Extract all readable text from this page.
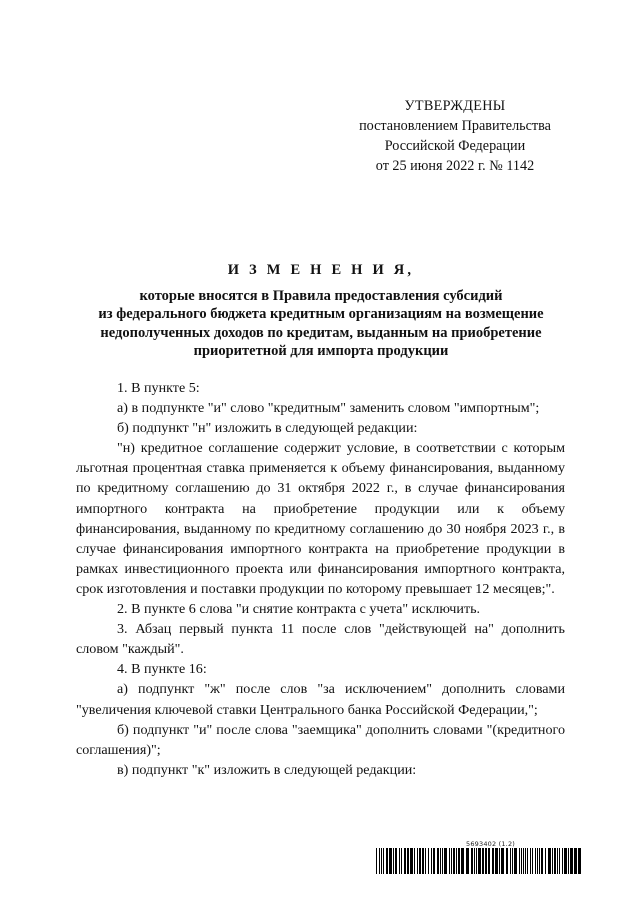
УТВЕРЖДЕНЫ
постановлением Правительства
Российской Федерации
от 25 июня 2022 г. № 1142
И З М Е Н Е Н И Я,
которые вносятся в Правила предоставления субсидий
из федерального бюджета кредитным организациям на возмещение
недополученных доходов по кредитам, выданным на приобретение
приоритетной для импорта продукции

1. В пункте 5:

а) в подпункте "и" слово "кредитным" заменить словом "импортным";

б) подпункт "н" изложить в следующей редакции:

"н) кредитное соглашение содержит условие, в соответствии с которым льготная процентная ставка применяется к объему финансирования, выданному по кредитному соглашению до 31 октября 2022 г., в случае финансирования импортного контракта на приобретение продукции или к объему финансирования, выданному по кредитному соглашению до 30 ноября 2023 г., в случае финансирования импортного контракта на приобретение продукции в рамках инвестиционного проекта или финансирования импортного контракта, срок изготовления и поставки продукции по которому превышает 12 месяцев;".

2. В пункте 6 слова "и снятие контракта с учета" исключить.

3. Абзац первый пункта 11 после слов "действующей на" дополнить словом "каждый".

4. В пункте 16:

а) подпункт "ж" после слов "за исключением" дополнить словами "увеличения ключевой ставки Центрального банка Российской Федерации,";

б) подпункт "и" после слова "заемщика" дополнить словами "(кредитного соглашения)";

в) подпункт "к" изложить в следующей редакции:

5693402 (1.2)
